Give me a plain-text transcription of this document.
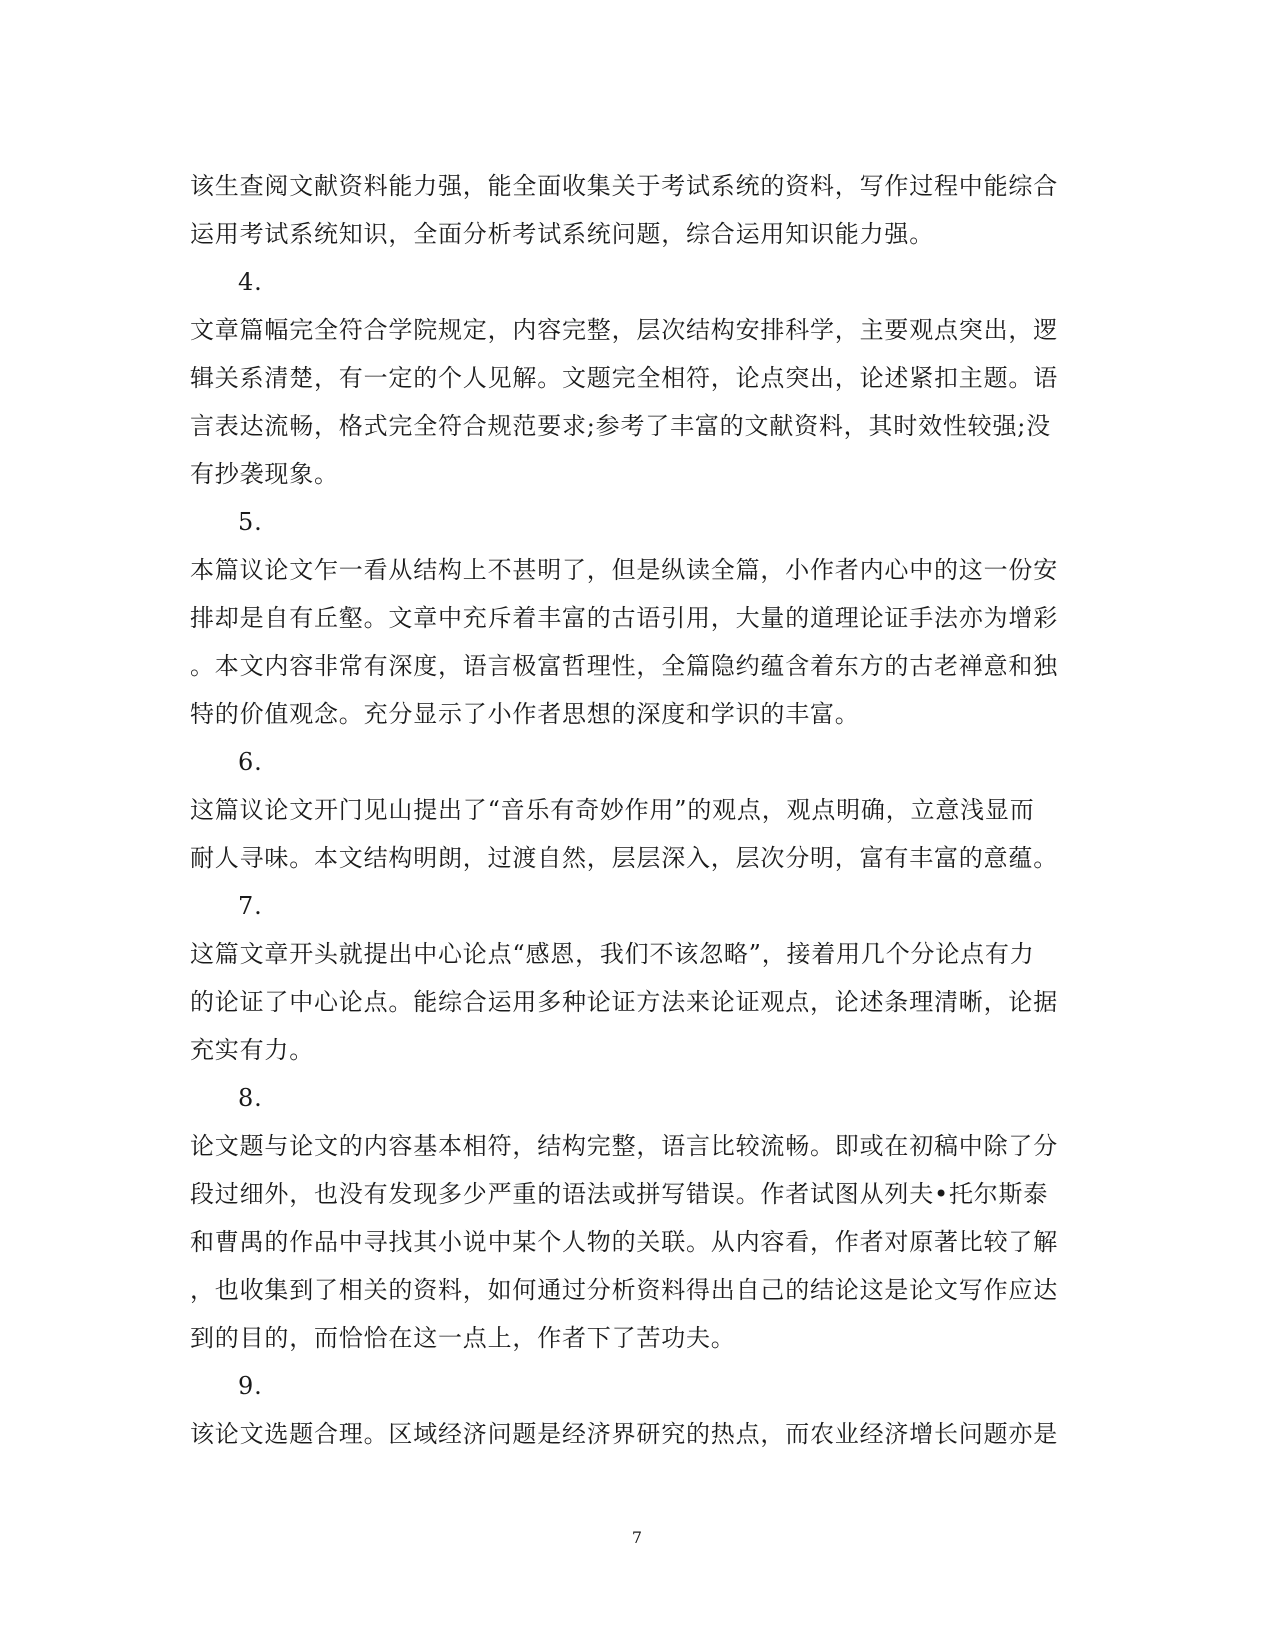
该生查阅文献资料能力强，能全面收集关于考试系统的资料，写作过程中能综合
运用考试系统知识，全面分析考试系统问题，综合运用知识能力强。
4.
文章篇幅完全符合学院规定，内容完整，层次结构安排科学，主要观点突出，逻
辑关系清楚，有一定的个人见解。文题完全相符，论点突出，论述紧扣主题。语
言表达流畅，格式完全符合规范要求;参考了丰富的文献资料，其时效性较强;没
有抄袭现象。
5.
本篇议论文乍一看从结构上不甚明了，但是纵读全篇，小作者内心中的这一份安
排却是自有丘壑。文章中充斥着丰富的古语引用，大量的道理论证手法亦为增彩
。本文内容非常有深度，语言极富哲理性，全篇隐约蕴含着东方的古老禅意和独
特的价值观念。充分显示了小作者思想的深度和学识的丰富。
6.
这篇议论文开门见山提出了“音乐有奇妙作用”的观点，观点明确，立意浅显而
耐人寻味。本文结构明朗，过渡自然，层层深入，层次分明，富有丰富的意蕴。
7.
这篇文章开头就提出中心论点“感恩，我们不该忽略”，接着用几个分论点有力
的论证了中心论点。能综合运用多种论证方法来论证观点，论述条理清晰，论据
充实有力。
8.
论文题与论文的内容基本相符，结构完整，语言比较流畅。即或在初稿中除了分
段过细外，也没有发现多少严重的语法或拼写错误。作者试图从列夫•托尔斯泰
和曹禺的作品中寻找其小说中某个人物的关联。从内容看，作者对原著比较了解
，也收集到了相关的资料，如何通过分析资料得出自己的结论这是论文写作应达
到的目的，而恰恰在这一点上，作者下了苦功夫。
9.
该论文选题合理。区域经济问题是经济界研究的热点，而农业经济增长问题亦是
7
